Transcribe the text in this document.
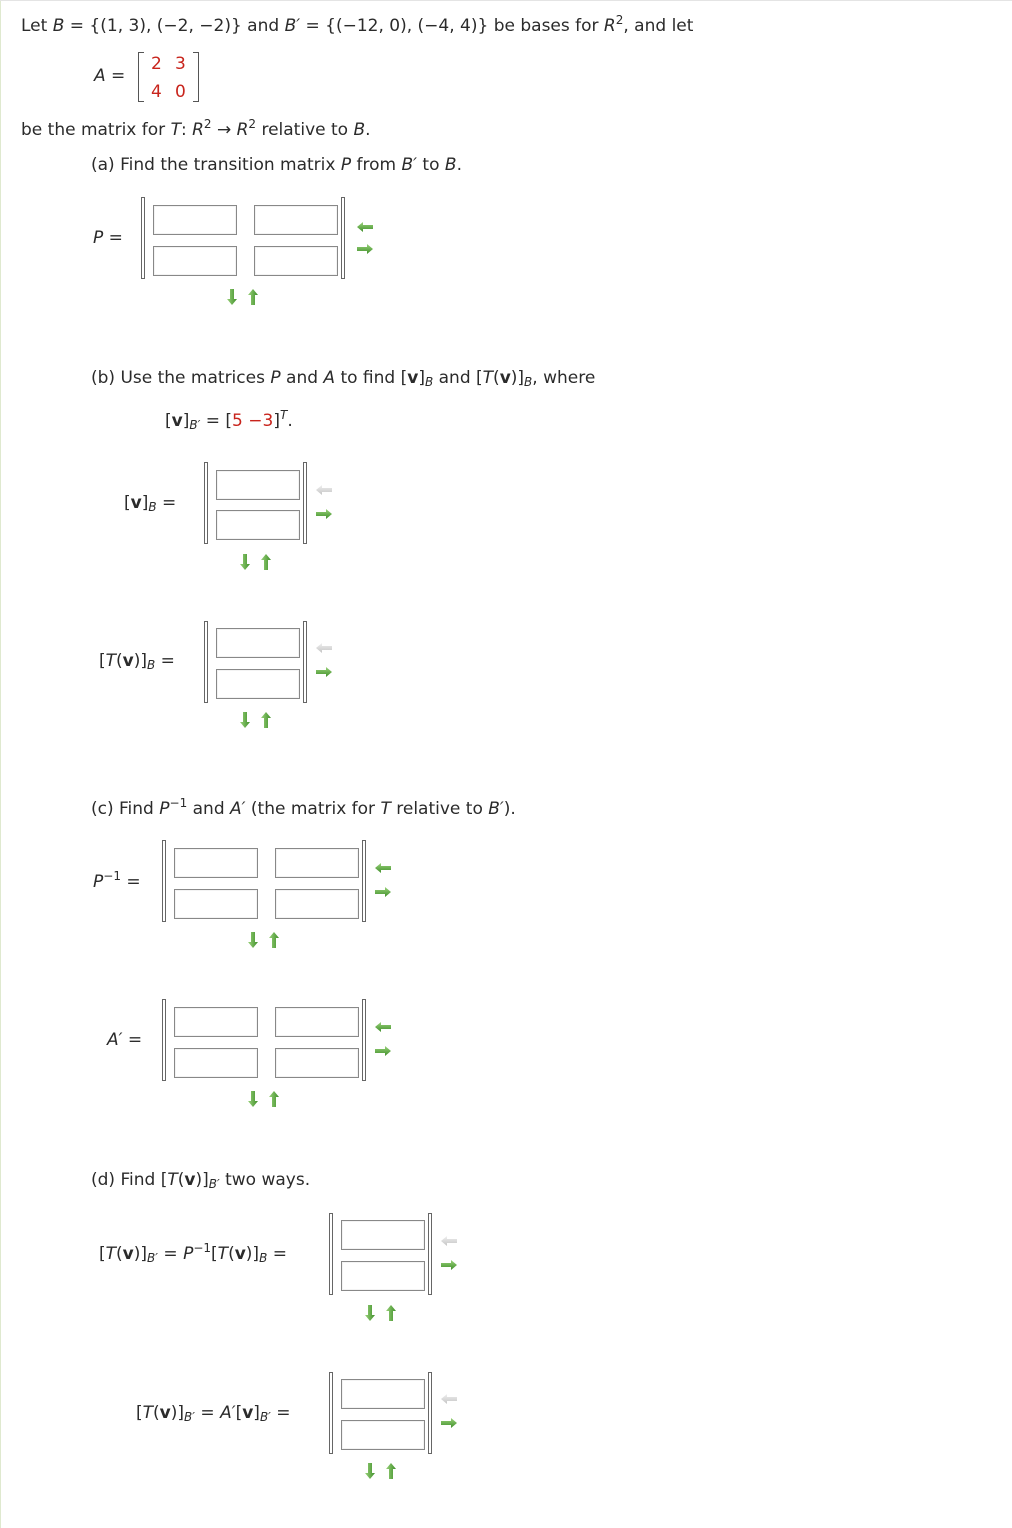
Let B = {(1, 3), (−2, −2)} and B′ = {(−12, 0), (−4, 4)} be bases for $R^2$, and let
A =
2 3
4 0
be the matrix for T: $R^2 \to R^2$ relative to B.
(a) Find the transition matrix P from B′ to B.
P =
(b) Use the matrices P and A to find $[v]_B$ and $[T(v)]_B$, where
$[v]_{B'} = [5 -3]^T$.
$[v]_B$ =
$[T(v)]_B$ =
(c) Find $P^{-1}$ and A′ (the matrix for T relative to B′).
$P^{-1}$ =
A′ =
(d) Find $[T(v)]_{B'}$ two ways.
$[T(v)]_{B'} = P^{-1}[T(v)]_B$ =
$[T(v)]_{B'} = A'[v]_{B'}$ =
